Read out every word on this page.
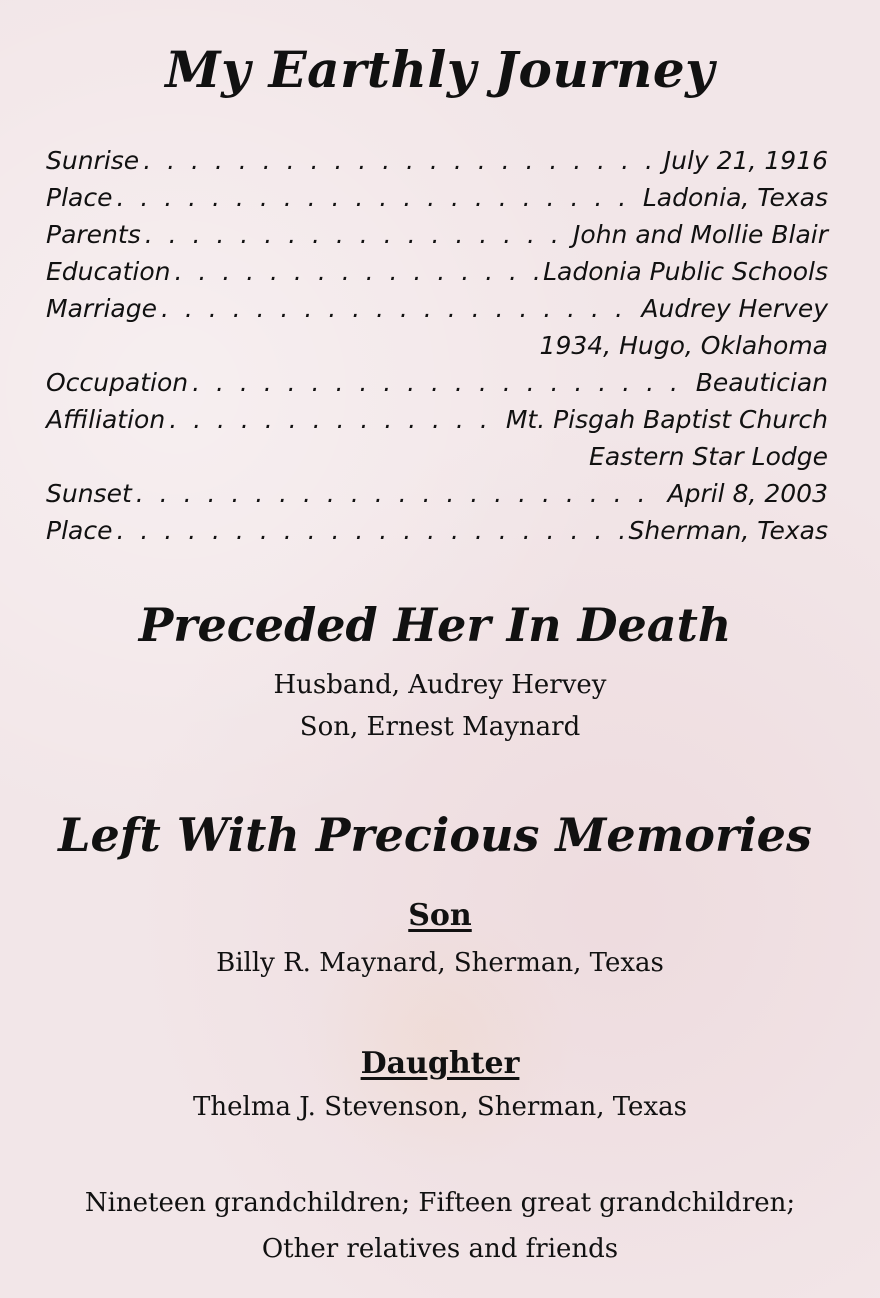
My Earthly Journey
Sunrise . . .	July 21, 1916
Place . . .	Ladonia, Texas
Parents . . .	John and Mollie Blair
Education . . .	Ladonia Public Schools
Marriage . . .	Audrey Hervey
1934, Hugo, Oklahoma
Occupation . . .	Beautician
Affiliation . . .	Mt. Pisgah Baptist Church
Eastern Star Lodge
Sunset . . .	April 8, 2003
Place . . .	Sherman, Texas
Preceded Her In Death
Husband, Audrey Hervey
Son, Ernest Maynard
Left With Precious Memories
Son
Billy R. Maynard, Sherman, Texas
Daughter
Thelma J. Stevenson, Sherman, Texas
Nineteen grandchildren; Fifteen great grandchildren;
Other relatives and friends
